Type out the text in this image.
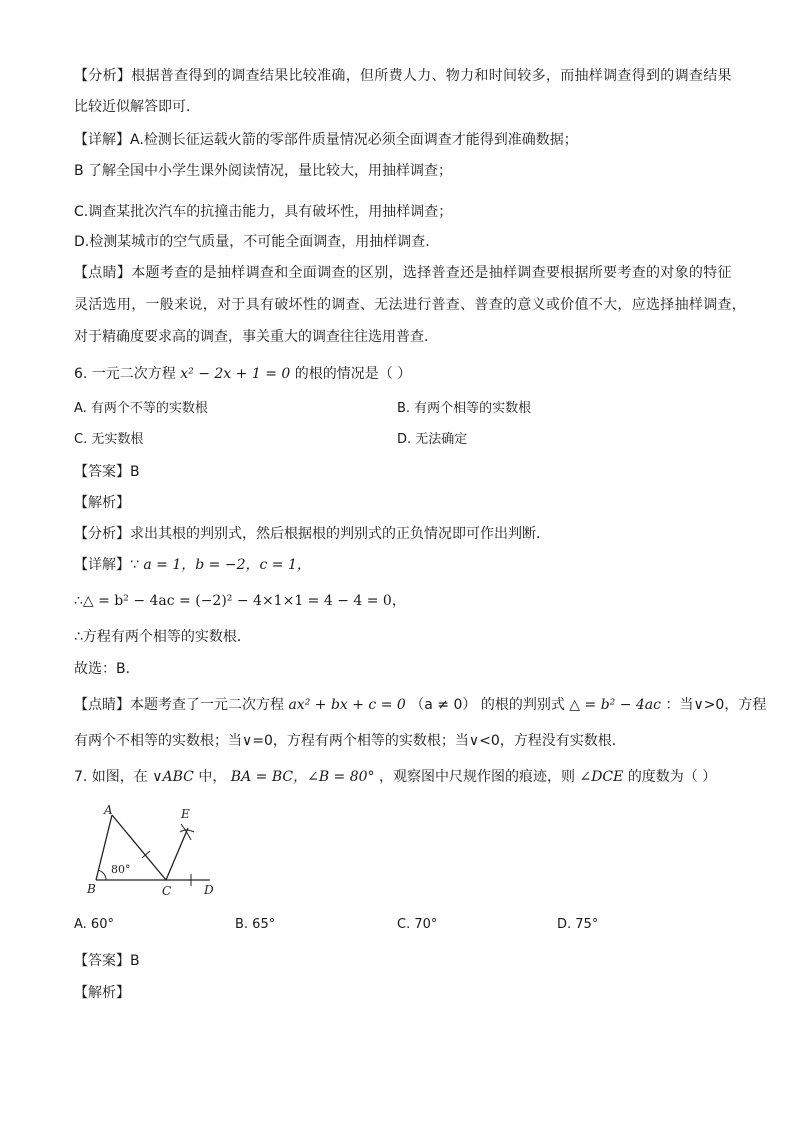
【分析】根据普查得到的调查结果比较准确，但所费人力、物力和时间较多，而抽样调查得到的调查结果
比较近似解答即可．
【详解】A.检测长征运载火箭的零部件质量情况必须全面调查才能得到准确数据；
B 了解全国中小学生课外阅读情况，量比较大，用抽样调查；
C.调查某批次汽车的抗撞击能力，具有破坏性，用抽样调查；
D.检测某城市的空气质量，不可能全面调查，用抽样调查.
【点睛】本题考查的是抽样调查和全面调查的区别，选择普查还是抽样调查要根据所要考查的对象的特征
灵活选用，一般来说，对于具有破坏性的调查、无法进行普查、普查的意义或价值不大，应选择抽样调查，
对于精确度要求高的调查，事关重大的调查往往选用普查．
6. 一元二次方程 x² − 2x + 1 = 0 的根的情况是（ ）
A. 有两个不等的实数根	B. 有两个相等的实数根
C. 无实数根	D. 无法确定
【答案】B
【解析】
【分析】求出其根的判别式，然后根据根的判别式的正负情况即可作出判断．
【详解】∵ a = 1，b = −2，c = 1，
∴△ = b² − 4ac = (−2)² − 4×1×1 = 4 − 4 = 0，
∴方程有两个相等的实数根．
故选：B．
【点睛】本题考查了一元二次方程 ax² + bx + c = 0 （a ≠ 0） 的根的判别式 △ = b² − 4ac ：当∨>0，方程
有两个不相等的实数根；当∨=0，方程有两个相等的实数根；当∨<0，方程没有实数根．
7. 如图，在 ∨ABC 中， BA = BC，∠B = 80° ，观察图中尺规作图的痕迹，则 ∠DCE 的度数为（ ）
A
B	C	D
E
80°
A. 60°	B. 65°	C. 70°	D. 75°
【答案】B
【解析】
